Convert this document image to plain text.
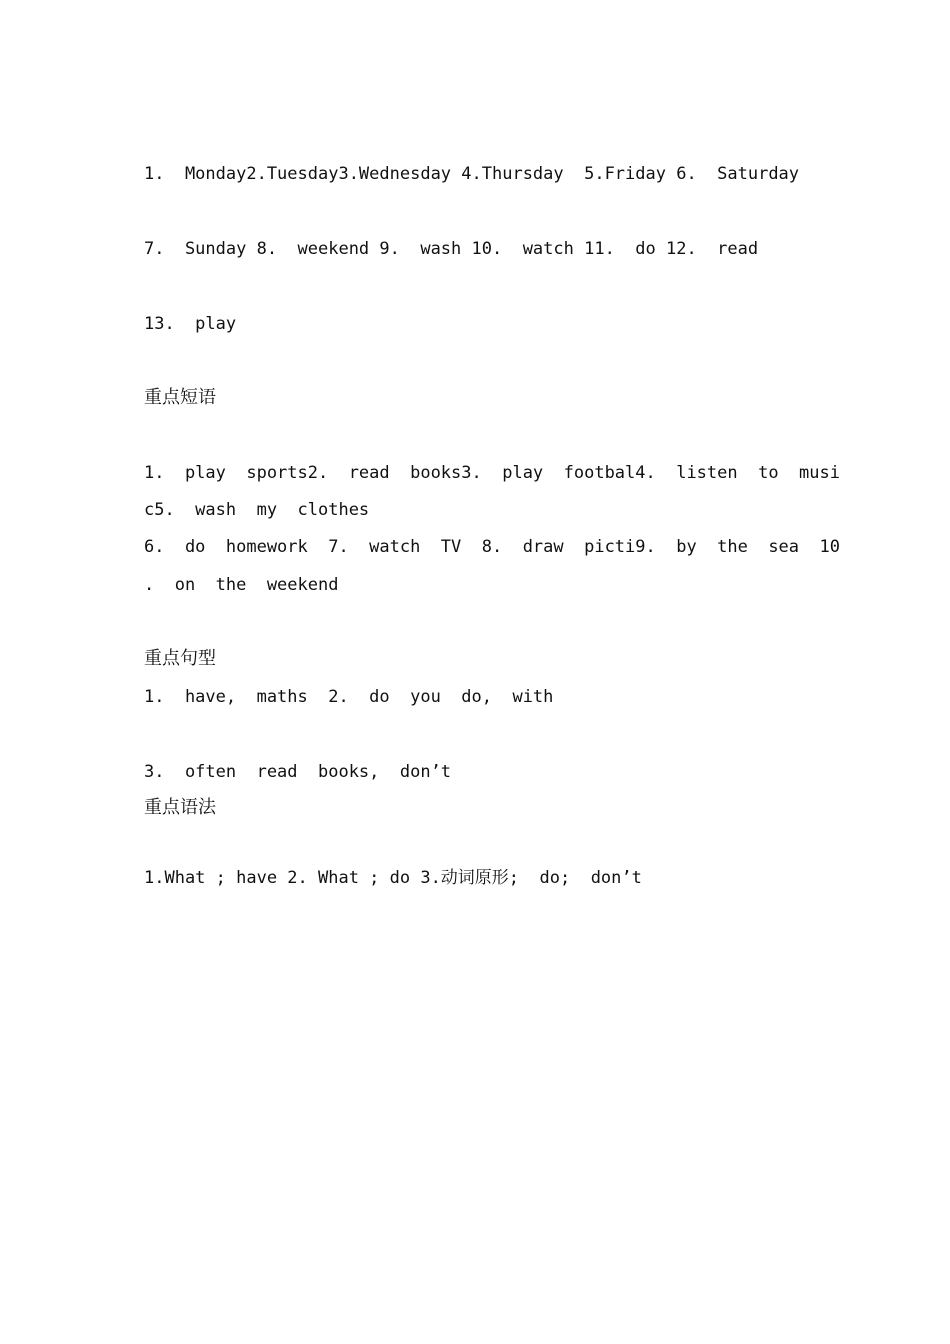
1.  Monday2.Tuesday3.Wednesday 4.Thursday  5.Friday 6.  Saturday

7.  Sunday 8.  weekend 9.  wash 10.  watch 11.  do 12.  read

13.  play

重点短语

1.  play  sports2.  read  books3.  play  footbal4.  listen  to  musi

c5.  wash  my  clothes

6.  do  homework  7.  watch  TV  8.  draw  picti9.  by  the  sea  10

.  on  the  weekend

重点句型

1.  have,  maths  2.  do  you  do,  with

3.  often  read  books,  don’t

重点语法

1.What ; have 2. What ; do 3.动词原形;  do;  don’t
